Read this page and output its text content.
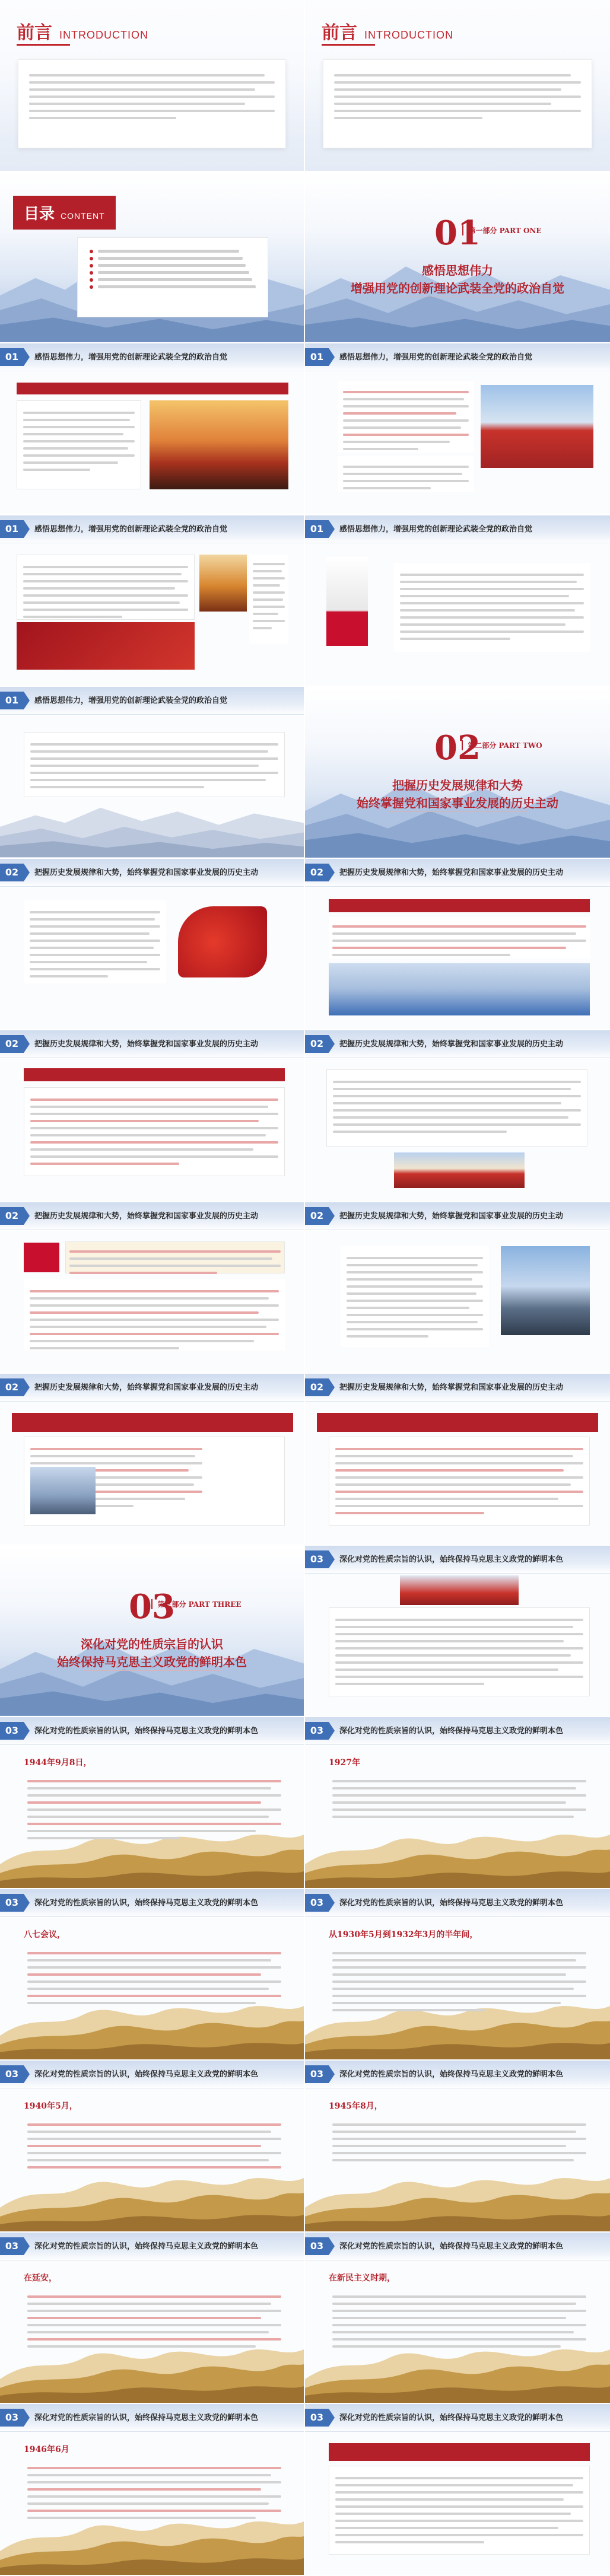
前言 INTRODUCTION	前言 INTRODUCTION
目录 CONTENT	01
第一部分 PART ONE
感悟思想伟力
增强用党的创新理论武装全党的政治自觉
01	感悟思想伟力，增强用党的创新理论武装全党的政治自觉	01	感悟思想伟力，增强用党的创新理论武装全党的政治自觉
01	感悟思想伟力，增强用党的创新理论武装全党的政治自觉	01	感悟思想伟力，增强用党的创新理论武装全党的政治自觉
01	感悟思想伟力，增强用党的创新理论武装全党的政治自觉
02
第二部分 PART TWO
把握历史发展规律和大势
始终掌握党和国家事业发展的历史主动
02	把握历史发展规律和大势，始终掌握党和国家事业发展的历史主动	02	把握历史发展规律和大势，始终掌握党和国家事业发展的历史主动
02	把握历史发展规律和大势，始终掌握党和国家事业发展的历史主动	02	把握历史发展规律和大势，始终掌握党和国家事业发展的历史主动
02	把握历史发展规律和大势，始终掌握党和国家事业发展的历史主动	02	把握历史发展规律和大势，始终掌握党和国家事业发展的历史主动
02	把握历史发展规律和大势，始终掌握党和国家事业发展的历史主动	02	把握历史发展规律和大势，始终掌握党和国家事业发展的历史主动
03
第三部分 PART THREE
深化对党的性质宗旨的认识
始终保持马克思主义政党的鲜明本色
03	深化对党的性质宗旨的认识，始终保持马克思主义政党的鲜明本色
03	深化对党的性质宗旨的认识，始终保持马克思主义政党的鲜明本色
1944年9月8日，
03	深化对党的性质宗旨的认识，始终保持马克思主义政党的鲜明本色
1927年
03	深化对党的性质宗旨的认识，始终保持马克思主义政党的鲜明本色
八七会议，
03	深化对党的性质宗旨的认识，始终保持马克思主义政党的鲜明本色
从1930年5月到1932年3月的半年间，
03	深化对党的性质宗旨的认识，始终保持马克思主义政党的鲜明本色
1940年5月，
03	深化对党的性质宗旨的认识，始终保持马克思主义政党的鲜明本色
1945年8月，
03	深化对党的性质宗旨的认识，始终保持马克思主义政党的鲜明本色
在延安，
03	深化对党的性质宗旨的认识，始终保持马克思主义政党的鲜明本色
在新民主义时期，
03	深化对党的性质宗旨的认识，始终保持马克思主义政党的鲜明本色
1946年6月
03	深化对党的性质宗旨的认识，始终保持马克思主义政党的鲜明本色
